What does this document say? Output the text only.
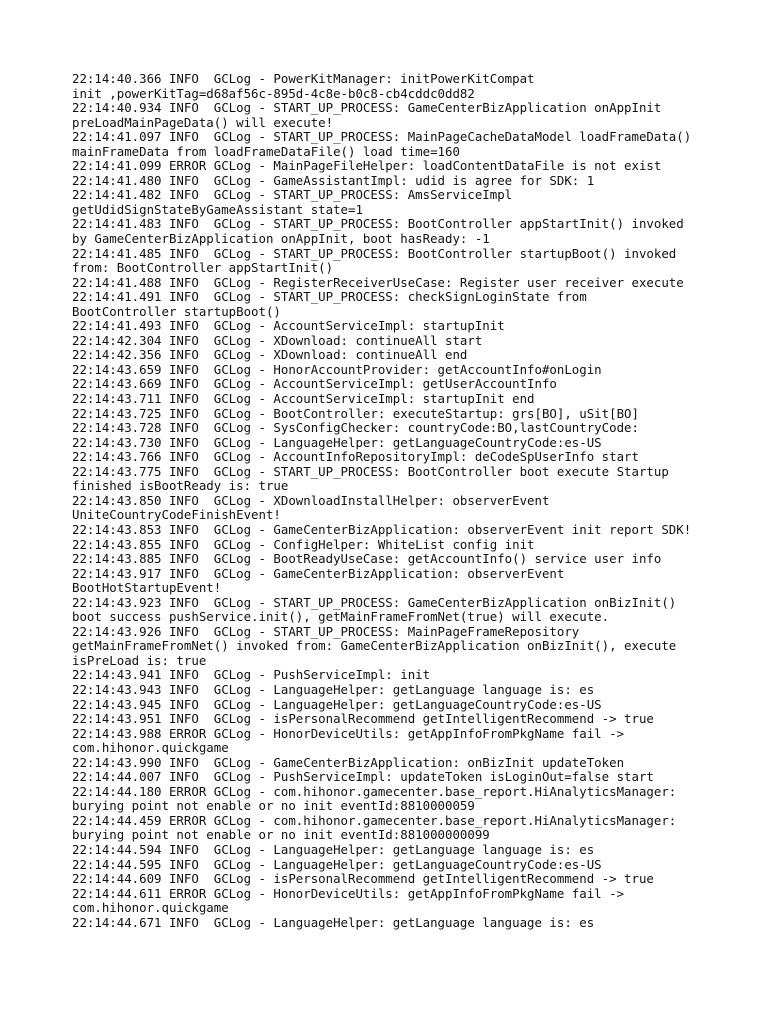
22:14:40.366 INFO  GCLog - PowerKitManager: initPowerKitCompat
init ,powerKitTag=d68af56c-895d-4c8e-b0c8-cb4cddc0dd82
22:14:40.934 INFO  GCLog - START_UP_PROCESS: GameCenterBizApplication onAppInit
preLoadMainPageData() will execute!
22:14:41.097 INFO  GCLog - START_UP_PROCESS: MainPageCacheDataModel loadFrameData()
mainFrameData from loadFrameDataFile() load time=160
22:14:41.099 ERROR GCLog - MainPageFileHelper: loadContentDataFile is not exist
22:14:41.480 INFO  GCLog - GameAssistantImpl: udid is agree for SDK: 1
22:14:41.482 INFO  GCLog - START_UP_PROCESS: AmsServiceImpl
getUdidSignStateByGameAssistant state=1
22:14:41.483 INFO  GCLog - START_UP_PROCESS: BootController appStartInit() invoked
by GameCenterBizApplication onAppInit, boot hasReady: -1
22:14:41.485 INFO  GCLog - START_UP_PROCESS: BootController startupBoot() invoked
from: BootController appStartInit()
22:14:41.488 INFO  GCLog - RegisterReceiverUseCase: Register user receiver execute
22:14:41.491 INFO  GCLog - START_UP_PROCESS: checkSignLoginState from
BootController startupBoot()
22:14:41.493 INFO  GCLog - AccountServiceImpl: startupInit
22:14:42.304 INFO  GCLog - XDownload: continueAll start
22:14:42.356 INFO  GCLog - XDownload: continueAll end
22:14:43.659 INFO  GCLog - HonorAccountProvider: getAccountInfo#onLogin
22:14:43.669 INFO  GCLog - AccountServiceImpl: getUserAccountInfo
22:14:43.711 INFO  GCLog - AccountServiceImpl: startupInit end
22:14:43.725 INFO  GCLog - BootController: executeStartup: grs[BO], uSit[BO]
22:14:43.728 INFO  GCLog - SysConfigChecker: countryCode:BO,lastCountryCode:
22:14:43.730 INFO  GCLog - LanguageHelper: getLanguageCountryCode:es-US
22:14:43.766 INFO  GCLog - AccountInfoRepositoryImpl: deCodeSpUserInfo start
22:14:43.775 INFO  GCLog - START_UP_PROCESS: BootController boot execute Startup
finished isBootReady is: true
22:14:43.850 INFO  GCLog - XDownloadInstallHelper: observerEvent
UniteCountryCodeFinishEvent!
22:14:43.853 INFO  GCLog - GameCenterBizApplication: observerEvent init report SDK!
22:14:43.855 INFO  GCLog - ConfigHelper: WhiteList config init
22:14:43.885 INFO  GCLog - BootReadyUseCase: getAccountInfo() service user info
22:14:43.917 INFO  GCLog - GameCenterBizApplication: observerEvent
BootHotStartupEvent!
22:14:43.923 INFO  GCLog - START_UP_PROCESS: GameCenterBizApplication onBizInit()
boot success pushService.init(), getMainFrameFromNet(true) will execute.
22:14:43.926 INFO  GCLog - START_UP_PROCESS: MainPageFrameRepository
getMainFrameFromNet() invoked from: GameCenterBizApplication onBizInit(), execute
isPreLoad is: true
22:14:43.941 INFO  GCLog - PushServiceImpl: init
22:14:43.943 INFO  GCLog - LanguageHelper: getLanguage language is: es
22:14:43.945 INFO  GCLog - LanguageHelper: getLanguageCountryCode:es-US
22:14:43.951 INFO  GCLog - isPersonalRecommend getIntelligentRecommend -> true
22:14:43.988 ERROR GCLog - HonorDeviceUtils: getAppInfoFromPkgName fail ->
com.hihonor.quickgame
22:14:43.990 INFO  GCLog - GameCenterBizApplication: onBizInit updateToken
22:14:44.007 INFO  GCLog - PushServiceImpl: updateToken isLoginOut=false start
22:14:44.180 ERROR GCLog - com.hihonor.gamecenter.base_report.HiAnalyticsManager:
burying point not enable or no init eventId:8810000059
22:14:44.459 ERROR GCLog - com.hihonor.gamecenter.base_report.HiAnalyticsManager:
burying point not enable or no init eventId:881000000099
22:14:44.594 INFO  GCLog - LanguageHelper: getLanguage language is: es
22:14:44.595 INFO  GCLog - LanguageHelper: getLanguageCountryCode:es-US
22:14:44.609 INFO  GCLog - isPersonalRecommend getIntelligentRecommend -> true
22:14:44.611 ERROR GCLog - HonorDeviceUtils: getAppInfoFromPkgName fail ->
com.hihonor.quickgame
22:14:44.671 INFO  GCLog - LanguageHelper: getLanguage language is: es
